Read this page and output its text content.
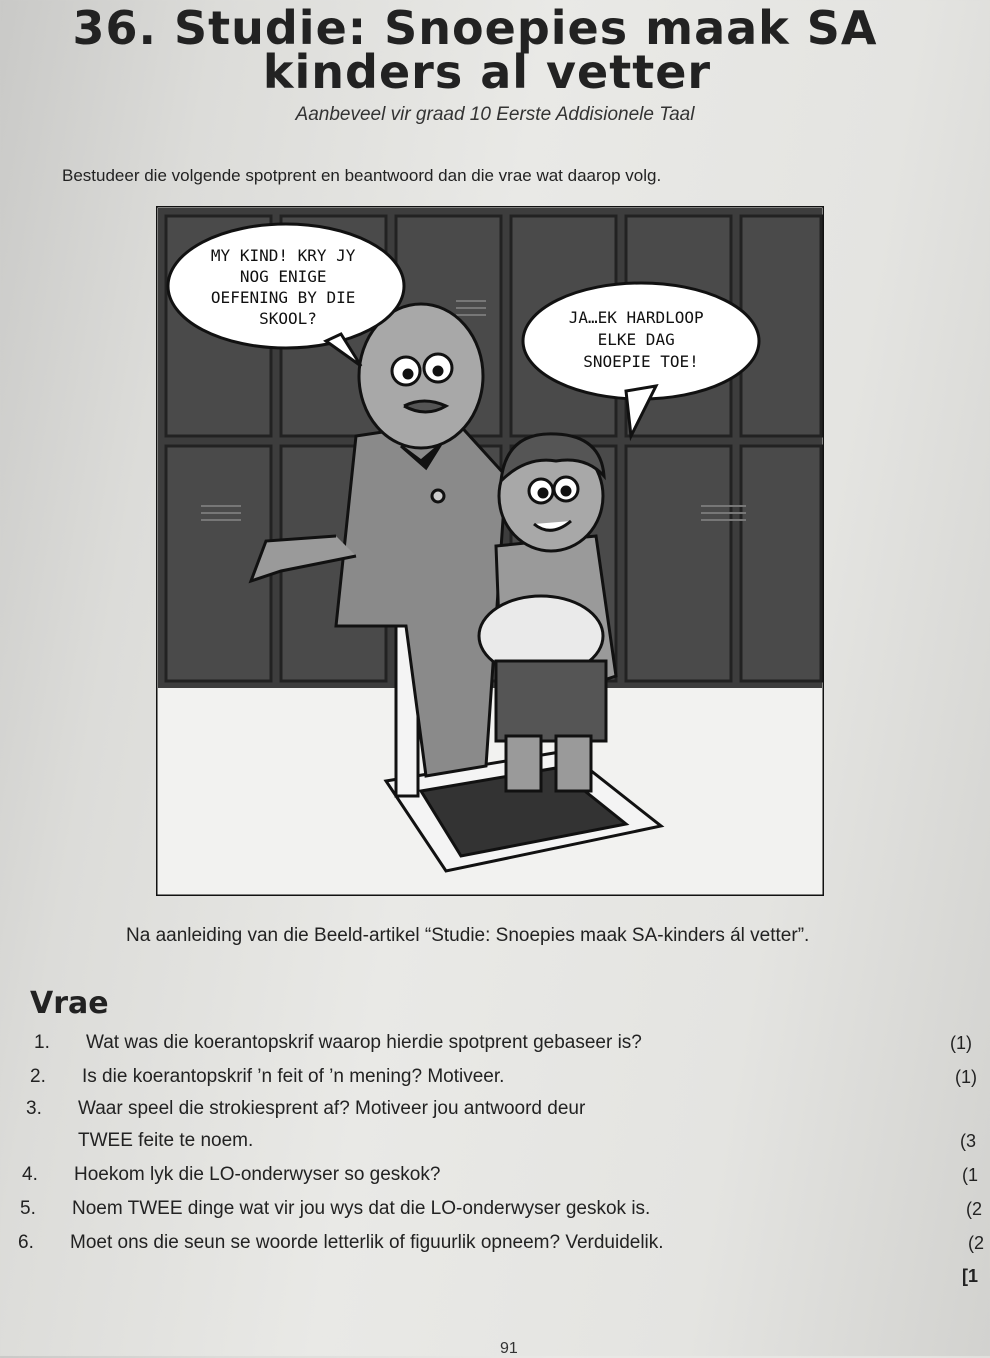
36. Studie: Snoepies maak SA
kinders al vetter
Aanbeveel vir graad 10 Eerste Addisionele Taal
Bestudeer die volgende spotprent en beantwoord dan die vrae wat daarop volg.
MY KIND! KRY JY NOG ENIGE OEFENING BY DIE SKOOL?	JA…EK HARDLOOP ELKE DAG SNOEPIE TOE!
Na aanleiding van die Beeld-artikel “Studie: Snoepies maak SA-kinders ál vetter”.
Vrae
1. Wat was die koerantopskrif waarop hierdie spotprent gebaseer is?	(1)
2. Is die koerantopskrif ’n feit of ’n mening? Motiveer.	(1)
3. Waar speel die strokiesprent af? Motiveer jou antwoord deur
TWEE feite te noem.	(3
4. Hoekom lyk die LO-onderwyser so geskok?	(1
5. Noem TWEE dinge wat vir jou wys dat die LO-onderwyser geskok is.	(2
6. Moet ons die seun se woorde letterlik of figuurlik opneem? Verduidelik.	(2
[1
91
